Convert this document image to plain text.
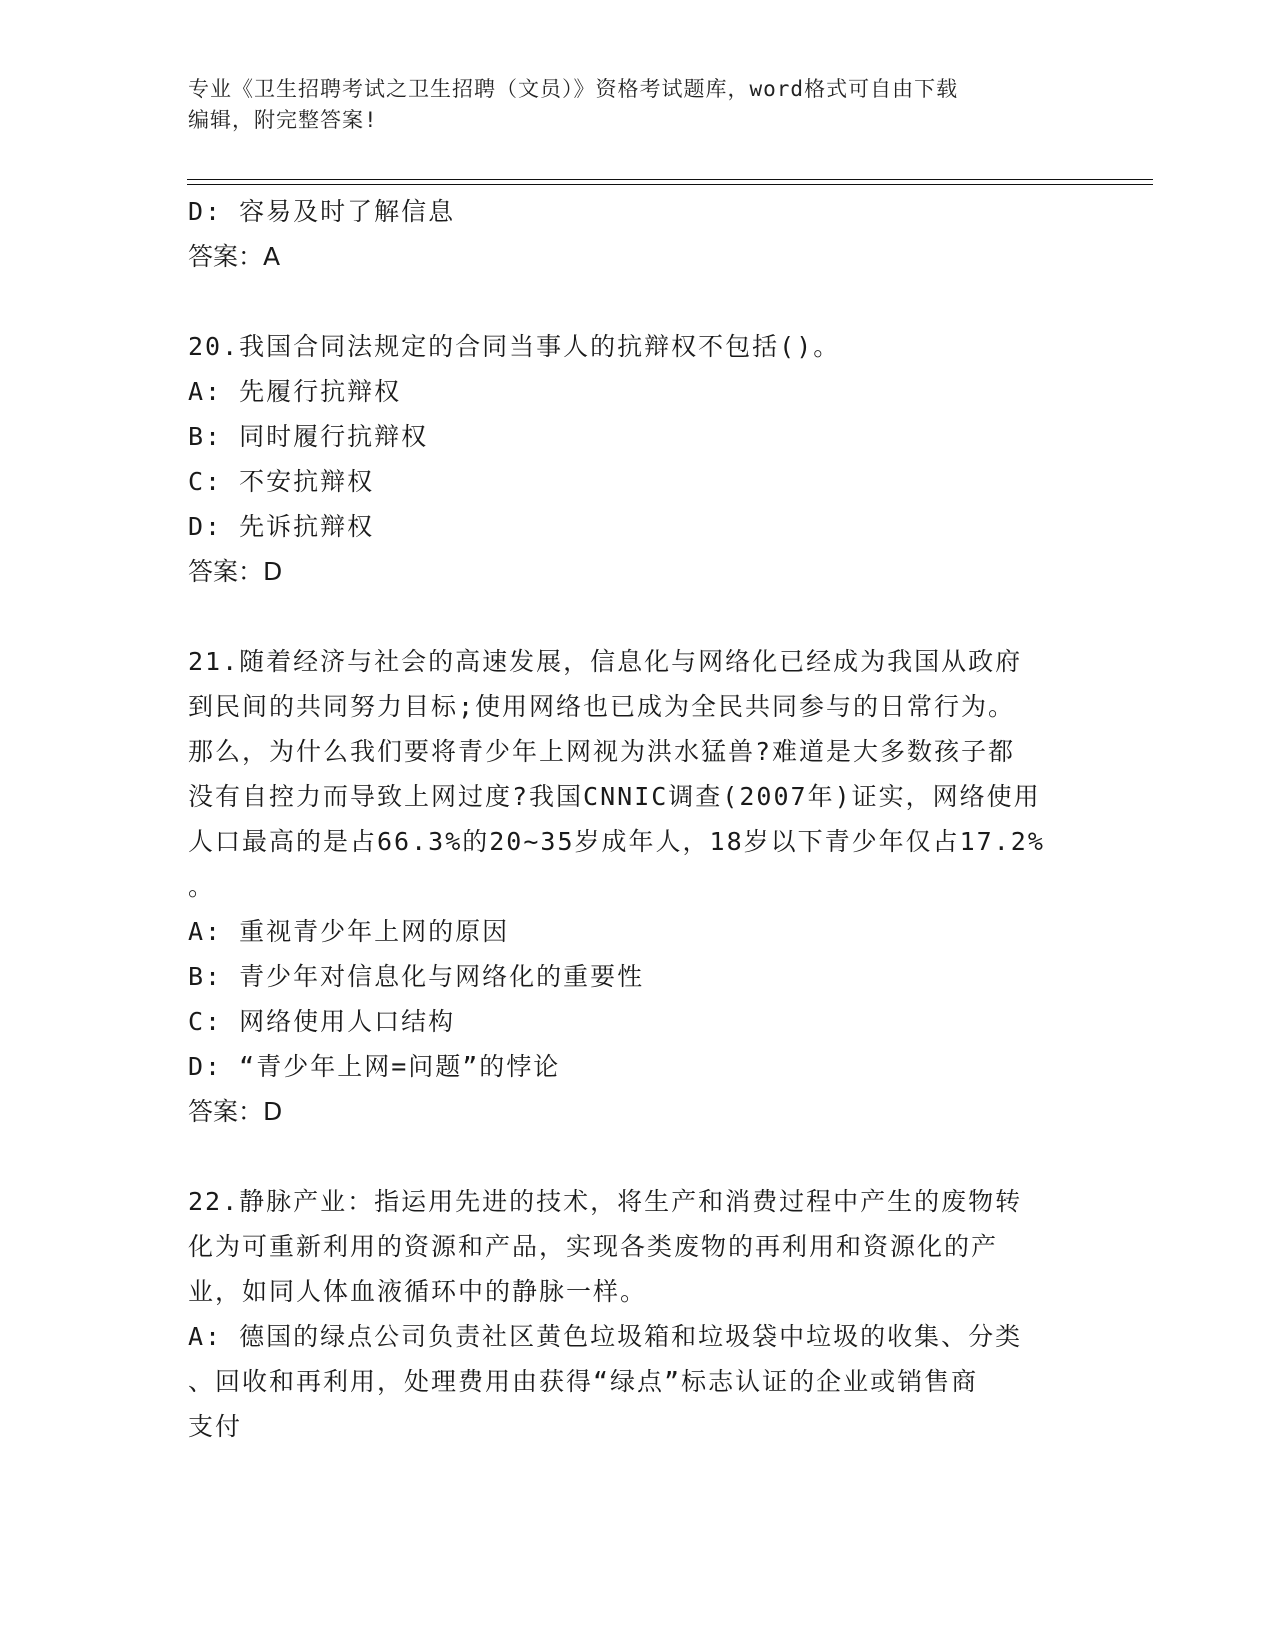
专业《卫生招聘考试之卫生招聘（文员）》资格考试题库，word格式可自由下载

编辑，附完整答案!

D: 容易及时了解信息

答案：A

20.我国合同法规定的合同当事人的抗辩权不包括()。

A: 先履行抗辩权

B: 同时履行抗辩权

C: 不安抗辩权

D: 先诉抗辩权

答案：D

21.随着经济与社会的高速发展，信息化与网络化已经成为我国从政府

到民间的共同努力目标;使用网络也已成为全民共同参与的日常行为。

那么，为什么我们要将青少年上网视为洪水猛兽?难道是大多数孩子都

没有自控力而导致上网过度?我国CNNIC调查(2007年)证实，网络使用

人口最高的是占66.3%的20~35岁成年人，18岁以下青少年仅占17.2%

。

A: 重视青少年上网的原因

B: 青少年对信息化与网络化的重要性

C: 网络使用人口结构

D: “青少年上网=问题”的悖论

答案：D

22.静脉产业：指运用先进的技术，将生产和消费过程中产生的废物转

化为可重新利用的资源和产品，实现各类废物的再利用和资源化的产

业，如同人体血液循环中的静脉一样。

A: 德国的绿点公司负责社区黄色垃圾箱和垃圾袋中垃圾的收集、分类

、回收和再利用，处理费用由获得“绿点”标志认证的企业或销售商

支付
